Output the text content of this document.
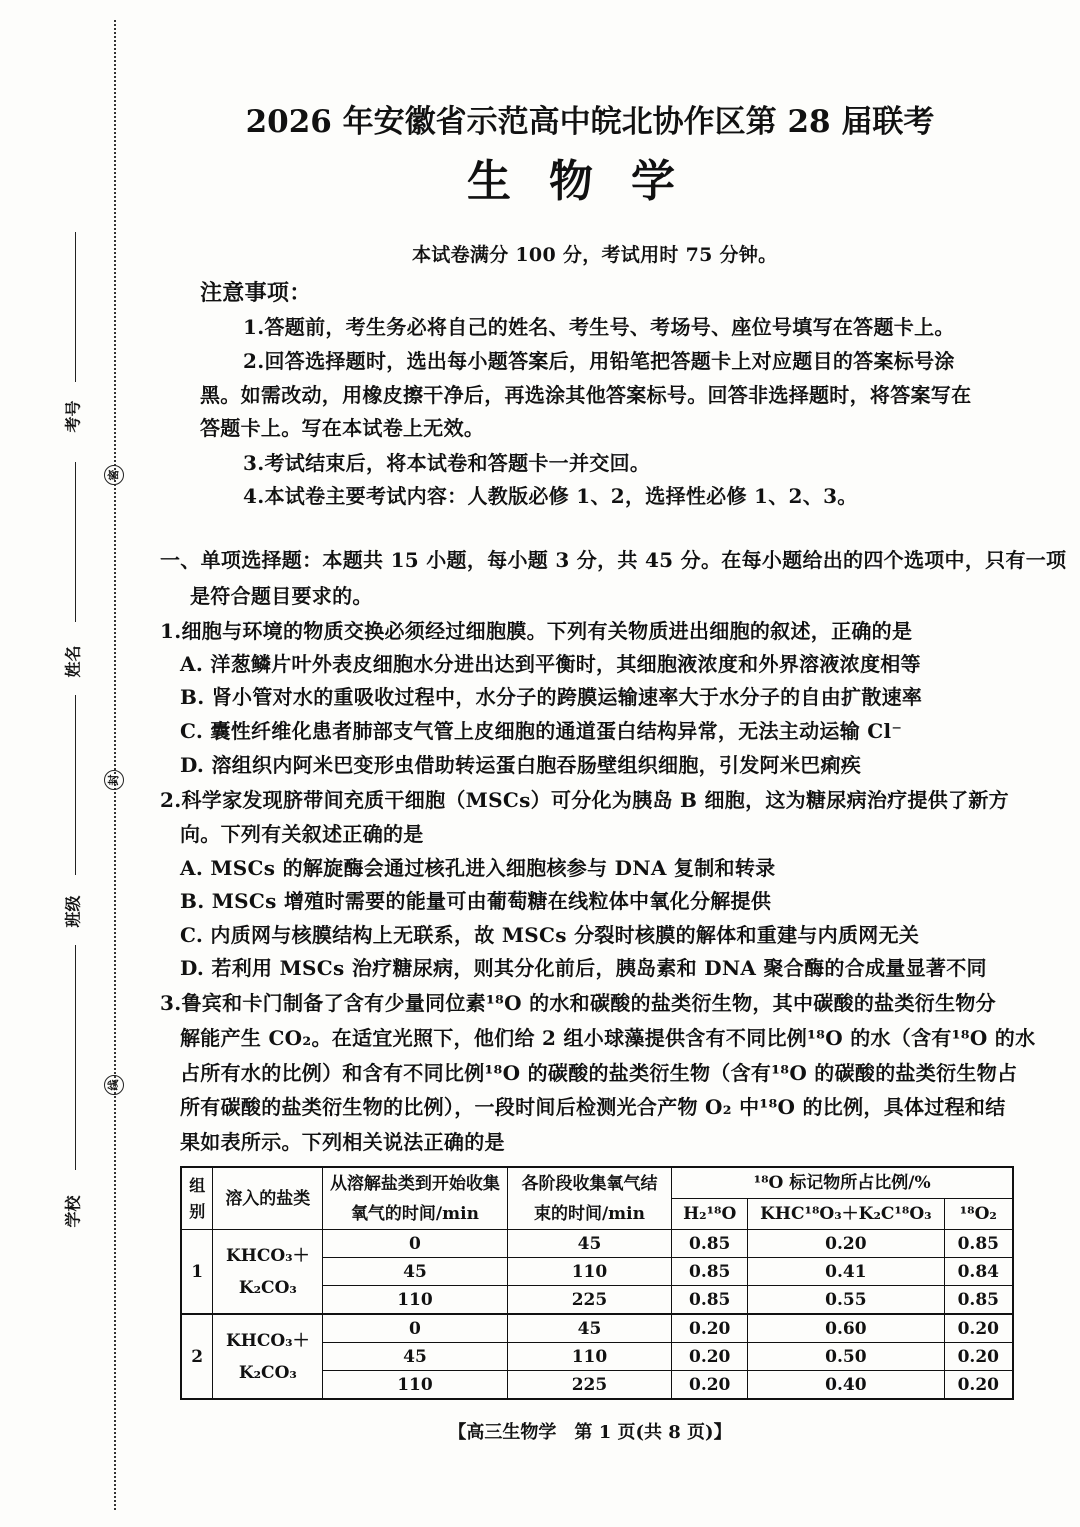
考号
姓名
班级
学校
密
封
线
2026 年安徽省示范高中皖北协作区第 28 届联考
生物学
本试卷满分 100 分，考试用时 75 分钟。
注意事项：
1.答题前，考生务必将自己的姓名、考生号、考场号、座位号填写在答题卡上。
2.回答选择题时，选出每小题答案后，用铅笔把答题卡上对应题目的答案标号涂
黑。如需改动，用橡皮擦干净后，再选涂其他答案标号。回答非选择题时，将答案写在
答题卡上。写在本试卷上无效。
3.考试结束后，将本试卷和答题卡一并交回。
4.本试卷主要考试内容：人教版必修 1、2，选择性必修 1、2、3。
一、单项选择题：本题共 15 小题，每小题 3 分，共 45 分。在每小题给出的四个选项中，只有一项
是符合题目要求的。
1.细胞与环境的物质交换必须经过细胞膜。下列有关物质进出细胞的叙述，正确的是
A. 洋葱鳞片叶外表皮细胞水分进出达到平衡时，其细胞液浓度和外界溶液浓度相等
B. 肾小管对水的重吸收过程中，水分子的跨膜运输速率大于水分子的自由扩散速率
C. 囊性纤维化患者肺部支气管上皮细胞的通道蛋白结构异常，无法主动运输 Cl⁻
D. 溶组织内阿米巴变形虫借助转运蛋白胞吞肠壁组织细胞，引发阿米巴痢疾
2.科学家发现脐带间充质干细胞（MSCs）可分化为胰岛 B 细胞，这为糖尿病治疗提供了新方
向。下列有关叙述正确的是
A. MSCs 的解旋酶会通过核孔进入细胞核参与 DNA 复制和转录
B. MSCs 增殖时需要的能量可由葡萄糖在线粒体中氧化分解提供
C. 内质网与核膜结构上无联系，故 MSCs 分裂时核膜的解体和重建与内质网无关
D. 若利用 MSCs 治疗糖尿病，则其分化前后，胰岛素和 DNA 聚合酶的合成量显著不同
3.鲁宾和卡门制备了含有少量同位素¹⁸O 的水和碳酸的盐类衍生物，其中碳酸的盐类衍生物分
解能产生 CO₂。在适宜光照下，他们给 2 组小球藻提供含有不同比例¹⁸O 的水（含有¹⁸O 的水
占所有水的比例）和含有不同比例¹⁸O 的碳酸的盐类衍生物（含有¹⁸O 的碳酸的盐类衍生物占
所有碳酸的盐类衍生物的比例），一段时间后检测光合产物 O₂ 中¹⁸O 的比例，具体过程和结
果如表所示。下列相关说法正确的是
组别	溶入的盐类	从溶解盐类到开始收集氧气的时间/min	各阶段收集氧气结束的时间/min	¹⁸O 标记物所占比例/%		
				H₂¹⁸O	KHC¹⁸O₃＋K₂C¹⁸O₃	¹⁸O₂
1	KHCO₃＋K₂CO₃	0	45	0.85	0.20	0.85
		45	110	0.85	0.41	0.84
		110	225	0.85	0.55	0.85
2	KHCO₃＋K₂CO₃	0	45	0.20	0.60	0.20
		45	110	0.20	0.50	0.20
		110	225	0.20	0.40	0.20
【高三生物学　第 1 页(共 8 页)】
